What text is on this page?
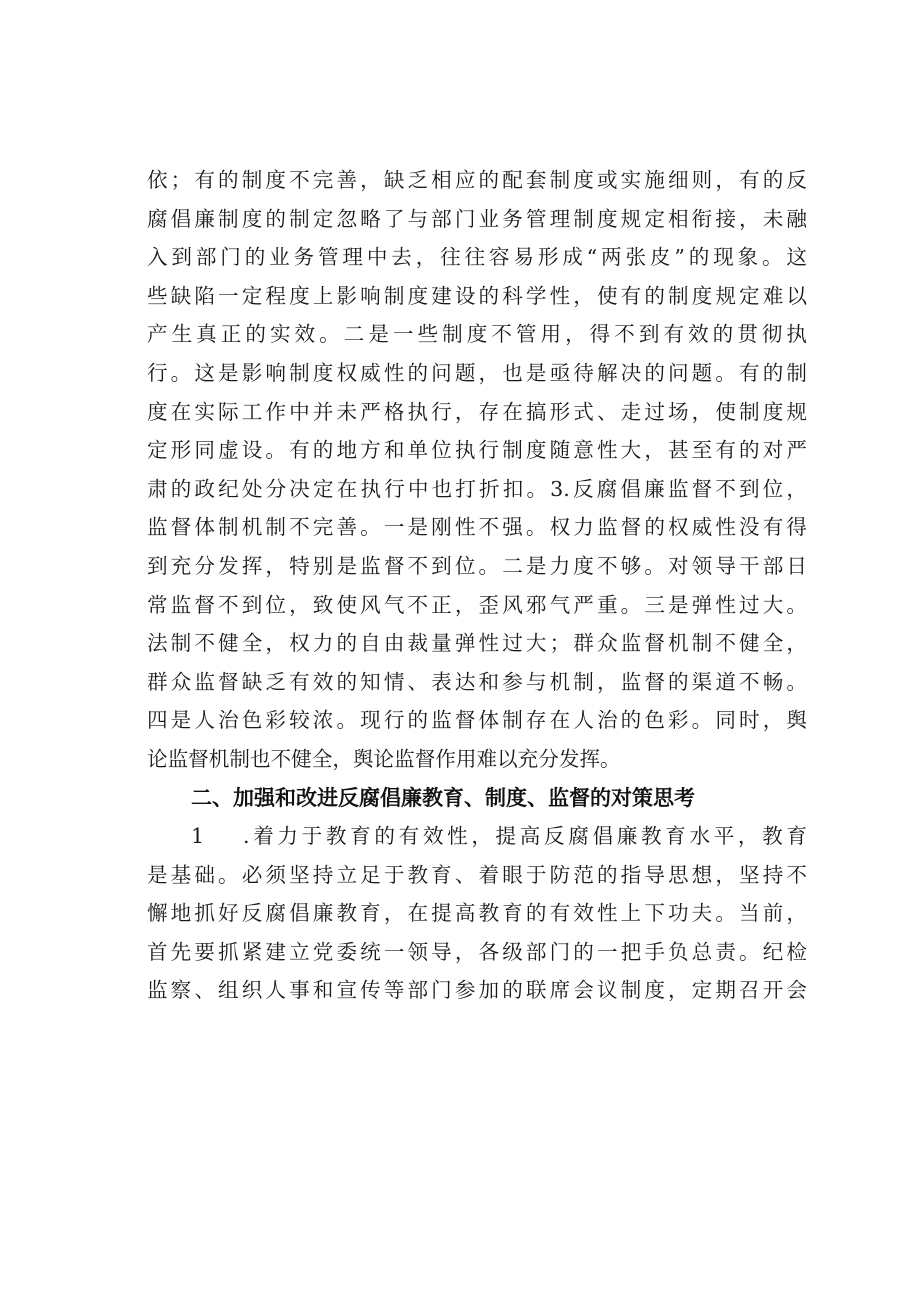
依；有的制度不完善，缺乏相应的配套制度或实施细则，有的反
腐倡廉制度的制定忽略了与部门业务管理制度规定相衔接，未融
入到部门的业务管理中去，往往容易形成“两张皮”的现象。这
些缺陷一定程度上影响制度建设的科学性，使有的制度规定难以
产生真正的实效。二是一些制度不管用，得不到有效的贯彻执
行。这是影响制度权威性的问题，也是亟待解决的问题。有的制
度在实际工作中并未严格执行，存在搞形式、走过场，使制度规
定形同虚设。有的地方和单位执行制度随意性大，甚至有的对严
肃的政纪处分决定在执行中也打折扣。3.反腐倡廉监督不到位，
监督体制机制不完善。一是刚性不强。权力监督的权威性没有得
到充分发挥，特别是监督不到位。二是力度不够。对领导干部日
常监督不到位，致使风气不正，歪风邪气严重。三是弹性过大。
法制不健全，权力的自由裁量弹性过大；群众监督机制不健全，
群众监督缺乏有效的知情、表达和参与机制，监督的渠道不畅。
四是人治色彩较浓。现行的监督体制存在人治的色彩。同时，舆
论监督机制也不健全，舆论监督作用难以充分发挥。
二、加强和改进反腐倡廉教育、制度、监督的对策思考
1	.着力于教育的有效性，提高反腐倡廉教育水平，教育
是基础。必须坚持立足于教育、着眼于防范的指导思想，坚持不
懈地抓好反腐倡廉教育，在提高教育的有效性上下功夫。当前，
首先要抓紧建立党委统一领导，各级部门的一把手负总责。纪检
监察、组织人事和宣传等部门参加的联席会议制度，定期召开会
